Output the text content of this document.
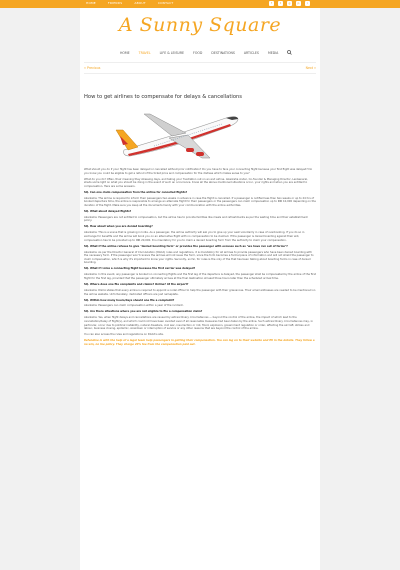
HOME	FRIENDS	ABOUT	CONTACT	f	t	g	p	i
A Sunny Square
HOME	TRAVEL	LIFE & LEISURE	FOOD	DESTINATIONS	ARTICLES	MEDIA
« Previous	Next »
How to get airlines to compensate for delays & cancellations

What should you do if your flight has been delayed or cancelled without prior notification? Do you have to face your connecting flight because your first flight was delayed? Do you know you could be eligible to get a refund of the ticket price and compensation for the distress which makes sense to you?

What do you do? Often, their meaning they stressing days, and taking your frustration out on an and airline. Akanksha Ander, Co-founder & Managing Director, LexGeneral, sheds some light on what you should be doing in the event of such an occurrence. Know all the above mentioned situations occur, your rights and when you are entitled to compensation. Here are some answers.

SQ. Can one claim compensation from the airline for cancelled flights?

Akanksha: The airline is required to inform their passengers two weeks in advance in case the flight is cancelled. If a passenger is notified less than two weeks or up to 24 hrs of booked departure time, the airline is responsible to arrange an alternate flight for their passengers or the passengers can claim compensation up to INR 10,000 depending on the duration of the flight. Make sure you keep all the documents handy with your communication with the airline authorities.

SQ. What about delayed flights?

Akanksha: Passengers are not entitled to compensation, but the airline has to provide facilities like meals and refreshments as per the waiting time and their establishment policy.

SQ. How about when you are denied boarding?

Akanksha: This is a scene that is growing in India. As a passenger, the airline authority will ask you to give up your seat voluntarily in case of overbooking. If you do so in exchange for benefits and the airline will book you on an alternative flight with no compensation to be claimed. If the passenger is denied boarding against their will, compensation has to be provided up to INR 20,000. It is mandatory for you to claim a denied boarding form from the authority to claim your compensation.

SQ. What if the airline refuses to give "denied boarding form" or provides the passenger with excuses such as "we have run out of forms"?

Akanksha: As per the Director General of Civil Aviation (DGCA) rules and regulations, it is mandatory for all airlines to provide passengers who have been denied boarding with the necessary form. If the passenger won't receive the airlines will not issue the form, since the form becomes a formal piece of information and will not shield the passenger to claim compensation, which is why it's important to know your rights. Secondly, so far, for rules is the only of the that has been talking about boarding forms in case of denied boarding.

SQ. What if I miss a connecting flight because the first carrier was delayed?

Akanksha: In this event, any passenger is booked on connecting flights and the first leg of the departure is delayed, the passenger shall be compensated by the airline of the first flight for the first leg, provided that the passenger ultimately arrives at the final destination at least three hours later than the scheduled arrival time.

SQ. Where does one file complaints and claims? Online? At the airport?

Akanksha: DGCA states that every airline is required to appoint a nodal officer to help the passenger with their grievances. Their email addresses are needed to be mentioned on the airline website. Unfortunately, dedicated officers are just nameplate.

SQ. Within how many hours/days should one file a complaint?

Akanksha: Passengers can claim compensation within a year of the incident.

SQ. Are there situations where you are not eligible to file a compensation claim?

Akanksha: Yes, when flight delays and cancellations are caused by extraordinary circumstances — beyond the control of the airline, the impact of which lead to the cancellation/delay of flight(s), and which could not have been avoided even if all reasonable measures had been taken by the airline. Such extraordinary circumstances may, in particular, occur due to political instability, natural disasters, civil war, insurrection or riot, flood, explosion, government regulation or order, affecting the aircraft, strikes and labour, business closing, epidemic, slowdown or interruption of service or any other reasons that are beyond the control of the airline.

You can also access the rules and regulations on DGCA's site.

Refundme is with the help of a legal team help passengers in getting their compensation. You can log on to their website and fill in the details. They follow a no win, no fee policy. They charge 20% fee from the compensation paid out.
